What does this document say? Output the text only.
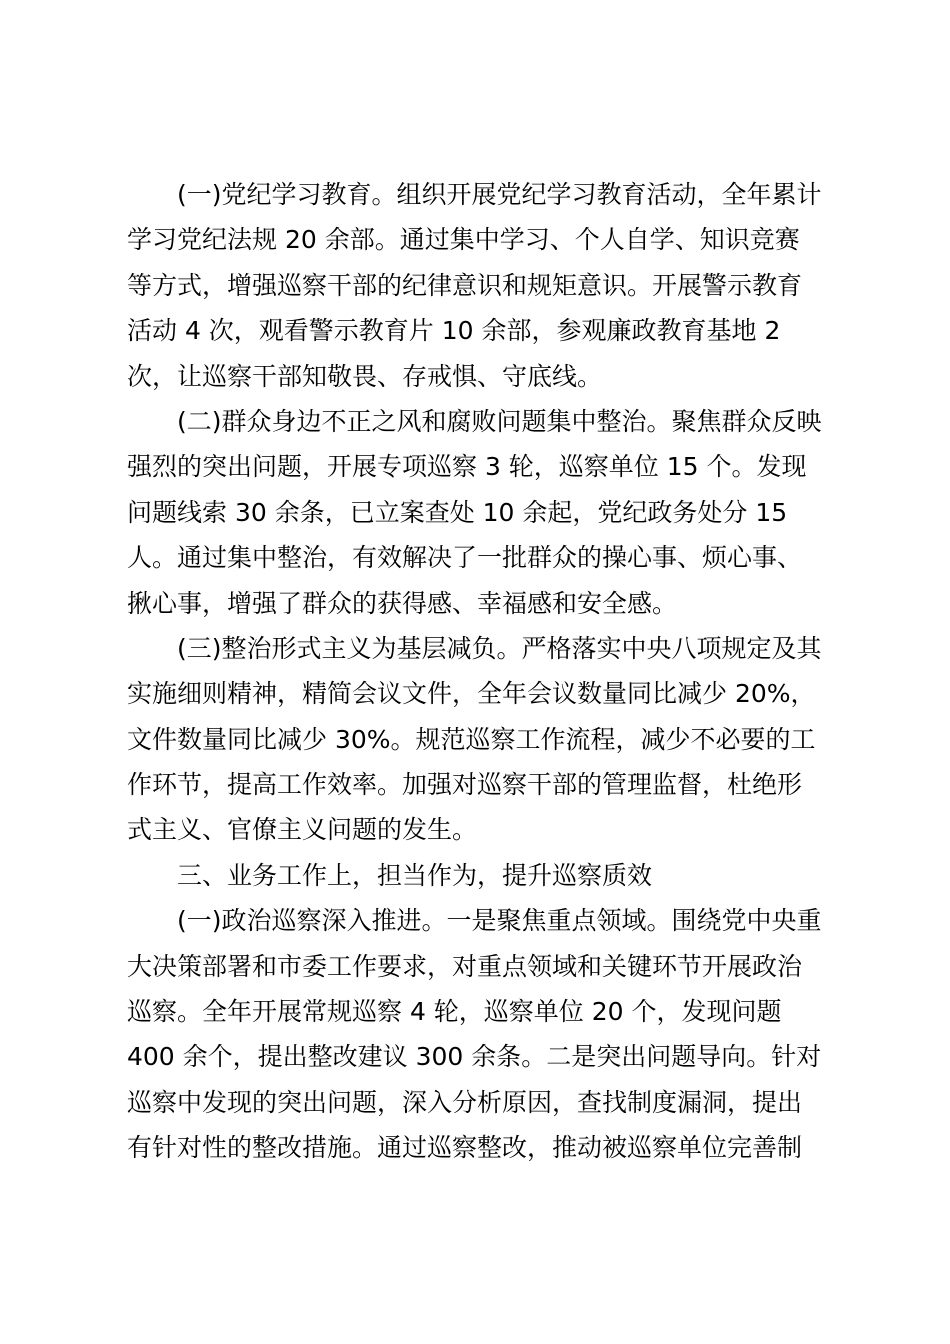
(一)党纪学习教育。组织开展党纪学习教育活动，全年累计
学习党纪法规 20 余部。通过集中学习、个人自学、知识竞赛
等方式，增强巡察干部的纪律意识和规矩意识。开展警示教育
活动 4 次，观看警示教育片 10 余部，参观廉政教育基地 2
次，让巡察干部知敬畏、存戒惧、守底线。
(二)群众身边不正之风和腐败问题集中整治。聚焦群众反映
强烈的突出问题，开展专项巡察 3 轮，巡察单位 15 个。发现
问题线索 30 余条，已立案查处 10 余起，党纪政务处分 15
人。通过集中整治，有效解决了一批群众的操心事、烦心事、
揪心事，增强了群众的获得感、幸福感和安全感。
(三)整治形式主义为基层减负。严格落实中央八项规定及其
实施细则精神，精简会议文件，全年会议数量同比减少 20%，
文件数量同比减少 30%。规范巡察工作流程，减少不必要的工
作环节，提高工作效率。加强对巡察干部的管理监督，杜绝形
式主义、官僚主义问题的发生。
三、业务工作上，担当作为，提升巡察质效
(一)政治巡察深入推进。一是聚焦重点领域。围绕党中央重
大决策部署和市委工作要求，对重点领域和关键环节开展政治
巡察。全年开展常规巡察 4 轮，巡察单位 20 个，发现问题
400 余个，提出整改建议 300 余条。二是突出问题导向。针对
巡察中发现的突出问题，深入分析原因，查找制度漏洞，提出
有针对性的整改措施。通过巡察整改，推动被巡察单位完善制
